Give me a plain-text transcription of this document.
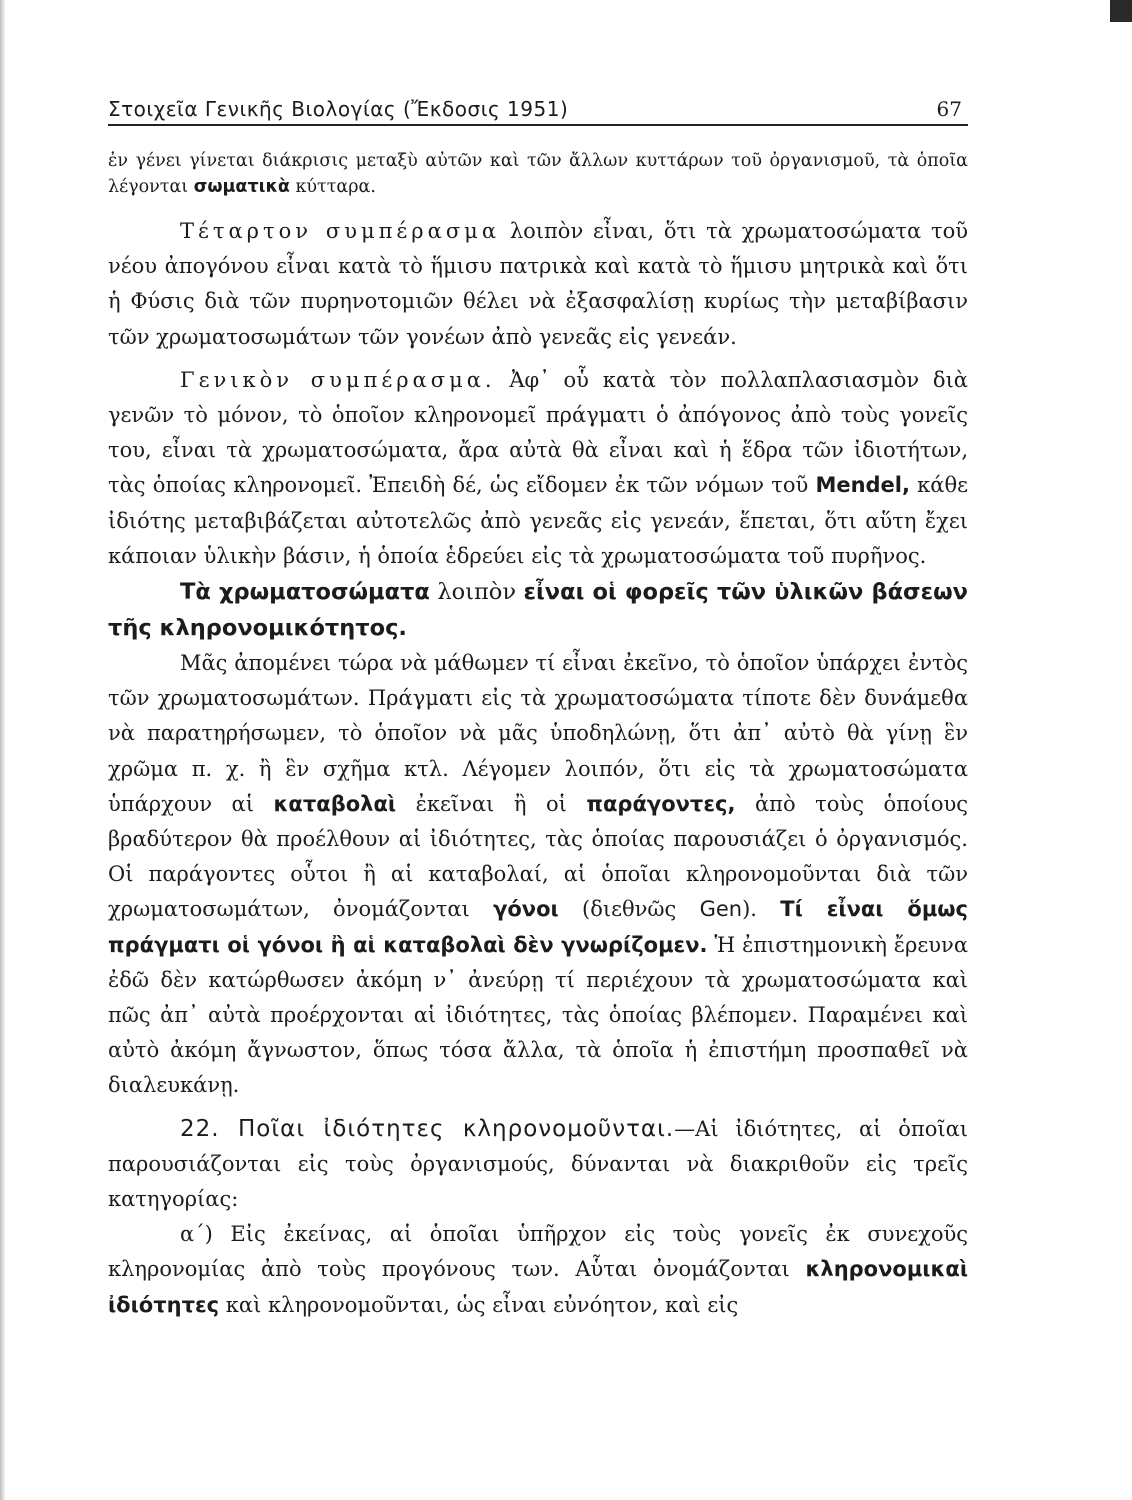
Στοιχεῖα Γενικῆς Βιολογίας (Ἔκδοσις 1951)	67

ἐν γένει γίνεται διάκρισις μεταξὺ αὐτῶν καὶ τῶν ἄλλων κυττάρων τοῦ ὀργανισμοῦ, τὰ ὁποῖα λέγονται σωματικὰ κύτταρα.

Τέταρτον συμπέρασμα λοιπὸν εἶναι, ὅτι τὰ χρωματοσώματα τοῦ νέου ἀπογόνου εἶναι κατὰ τὸ ἥμισυ πατρικὰ καὶ κατὰ τὸ ἥμισυ μητρικὰ καὶ ὅτι ἡ Φύσις διὰ τῶν πυρηνοτομιῶν θέλει νὰ ἐξασφαλίσῃ κυρίως τὴν μεταβίβασιν τῶν χρωματοσωμάτων τῶν γονέων ἀπὸ γενεᾶς εἰς γενεάν.

Γενικὸν συμπέρασμα. Ἀφ᾿ οὗ κατὰ τὸν πολλαπλασιασμὸν διὰ γενῶν τὸ μόνον, τὸ ὁποῖον κληρονομεῖ πράγματι ὁ ἀπόγονος ἀπὸ τοὺς γονεῖς του, εἶναι τὰ χρωματοσώματα, ἄρα αὐτὰ θὰ εἶναι καὶ ἡ ἕδρα τῶν ἰδιοτήτων, τὰς ὁποίας κληρονομεῖ. Ἐπειδὴ δέ, ὡς εἴδομεν ἐκ τῶν νόμων τοῦ Mendel, κάθε ἰδιότης μεταβιβάζεται αὐτοτελῶς ἀπὸ γενεᾶς εἰς γενεάν, ἕπεται, ὅτι αὕτη ἔχει κάποιαν ὑλικὴν βάσιν, ἡ ὁποία ἑδρεύει εἰς τὰ χρωματοσώματα τοῦ πυρῆνος.

Τὰ χρωματοσώματα λοιπὸν εἶναι οἱ φορεῖς τῶν ὑλικῶν βάσεων τῆς κληρονομικότητος.

Μᾶς ἀπομένει τώρα νὰ μάθωμεν τί εἶναι ἐκεῖνο, τὸ ὁποῖον ὑπάρχει ἐντὸς τῶν χρωματοσωμάτων. Πράγματι εἰς τὰ χρωματοσώματα τίποτε δὲν δυνάμεθα νὰ παρατηρήσωμεν, τὸ ὁποῖον νὰ μᾶς ὑποδηλώνῃ, ὅτι ἀπ᾿ αὐτὸ θὰ γίνῃ ἓν χρῶμα π. χ. ἢ ἓν σχῆμα κτλ. Λέγομεν λοιπόν, ὅτι εἰς τὰ χρωματοσώματα ὑπάρχουν αἱ καταβολαὶ ἐκεῖναι ἢ οἱ παράγοντες, ἀπὸ τοὺς ὁποίους βραδύτερον θὰ προέλθουν αἱ ἰδιότητες, τὰς ὁποίας παρουσιάζει ὁ ὀργανισμός. Οἱ παράγοντες οὗτοι ἢ αἱ καταβολαί, αἱ ὁποῖαι κληρονομοῦνται διὰ τῶν χρωματοσωμάτων, ὀνομάζονται γόνοι (διεθνῶς Gen). Τί εἶναι ὅμως πράγματι οἱ γόνοι ἢ αἱ καταβολαὶ δὲν γνωρίζομεν. Ἡ ἐπιστημονικὴ ἔρευνα ἐδῶ δὲν κατώρθωσεν ἀκόμη ν᾿ ἀνεύρῃ τί περιέχουν τὰ χρωματοσώματα καὶ πῶς ἀπ᾿ αὐτὰ προέρχονται αἱ ἰδιότητες, τὰς ὁποίας βλέπομεν. Παραμένει καὶ αὐτὸ ἀκόμη ἄγνωστον, ὅπως τόσα ἄλλα, τὰ ὁποῖα ἡ ἐπιστήμη προσπαθεῖ νὰ διαλευκάνῃ.

22. Ποῖαι ἰδιότητες κληρονομοῦνται.—Αἱ ἰδιότητες, αἱ ὁποῖαι παρουσιάζονται εἰς τοὺς ὀργανισμούς, δύνανται νὰ διακριθοῦν εἰς τρεῖς κατηγορίας:

α΄) Εἰς ἐκείνας, αἱ ὁποῖαι ὑπῆρχον εἰς τοὺς γονεῖς ἐκ συνεχοῦς κληρονομίας ἀπὸ τοὺς προγόνους των. Αὗται ὀνομάζονται κληρονομικαὶ ἰδιότητες καὶ κληρονομοῦνται, ὡς εἶναι εὐνόητον, καὶ εἰς
